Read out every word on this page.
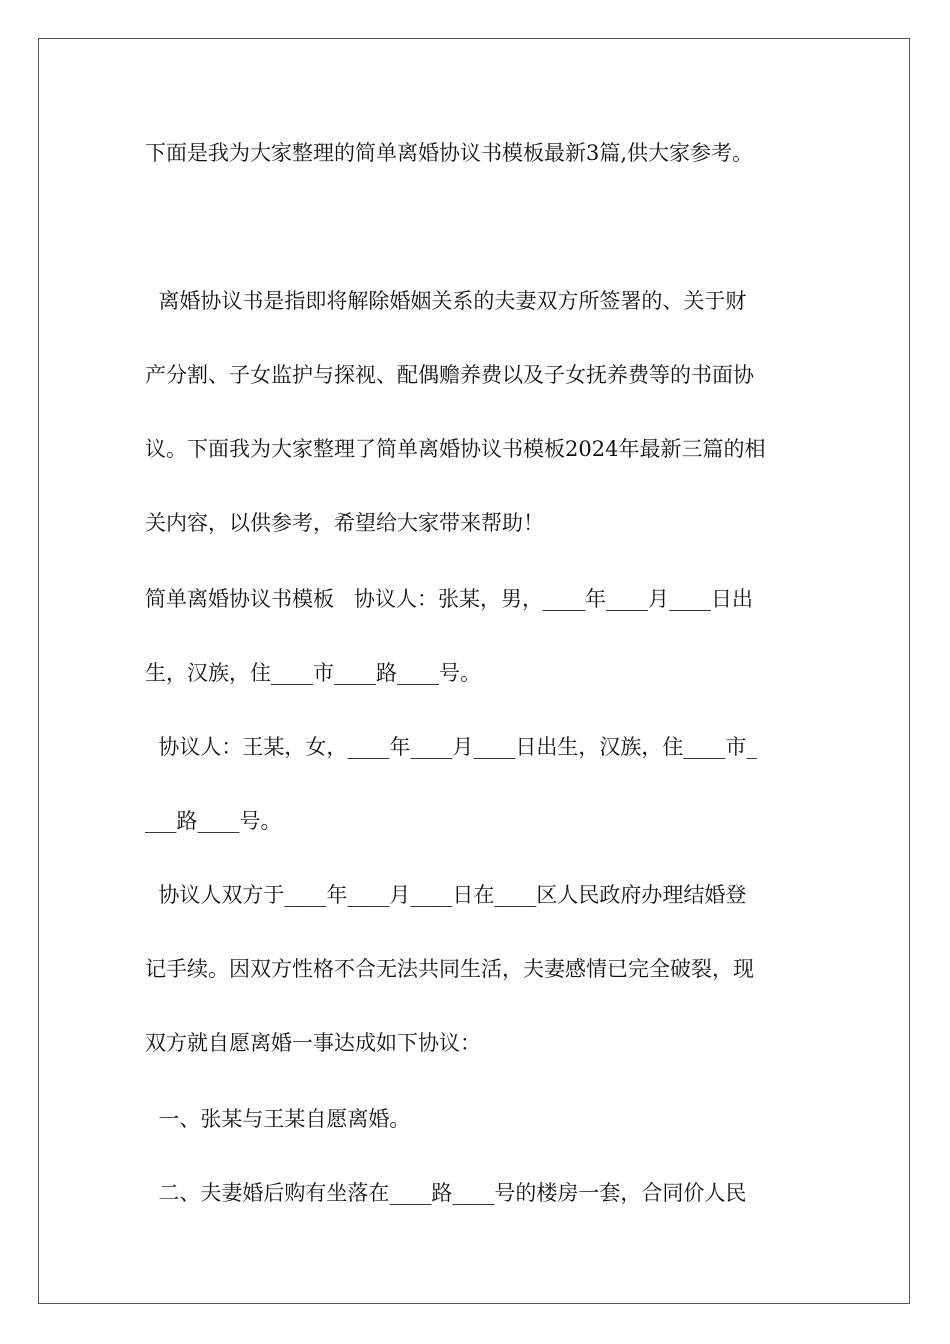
下面是我为大家整理的简单离婚协议书模板最新3篇,供大家参考。
离婚协议书是指即将解除婚姻关系的夫妻双方所签署的、关于财
产分割、子女监护与探视、配偶赡养费以及子女抚养费等的书面协
议。下面我为大家整理了简单离婚协议书模板2024年最新三篇的相
关内容，以供参考，希望给大家带来帮助！
简单离婚协议书模板   协议人：张某，男，____年____月____日出
生，汉族，住____市____路____号。
协议人：王某，女，____年____月____日出生，汉族，住____市_
___路____号。
协议人双方于____年____月____日在____区人民政府办理结婚登
记手续。因双方性格不合无法共同生活，夫妻感情已完全破裂，现
双方就自愿离婚一事达成如下协议：
一、张某与王某自愿离婚。
二、夫妻婚后购有坐落在____路____号的楼房一套，合同价人民
